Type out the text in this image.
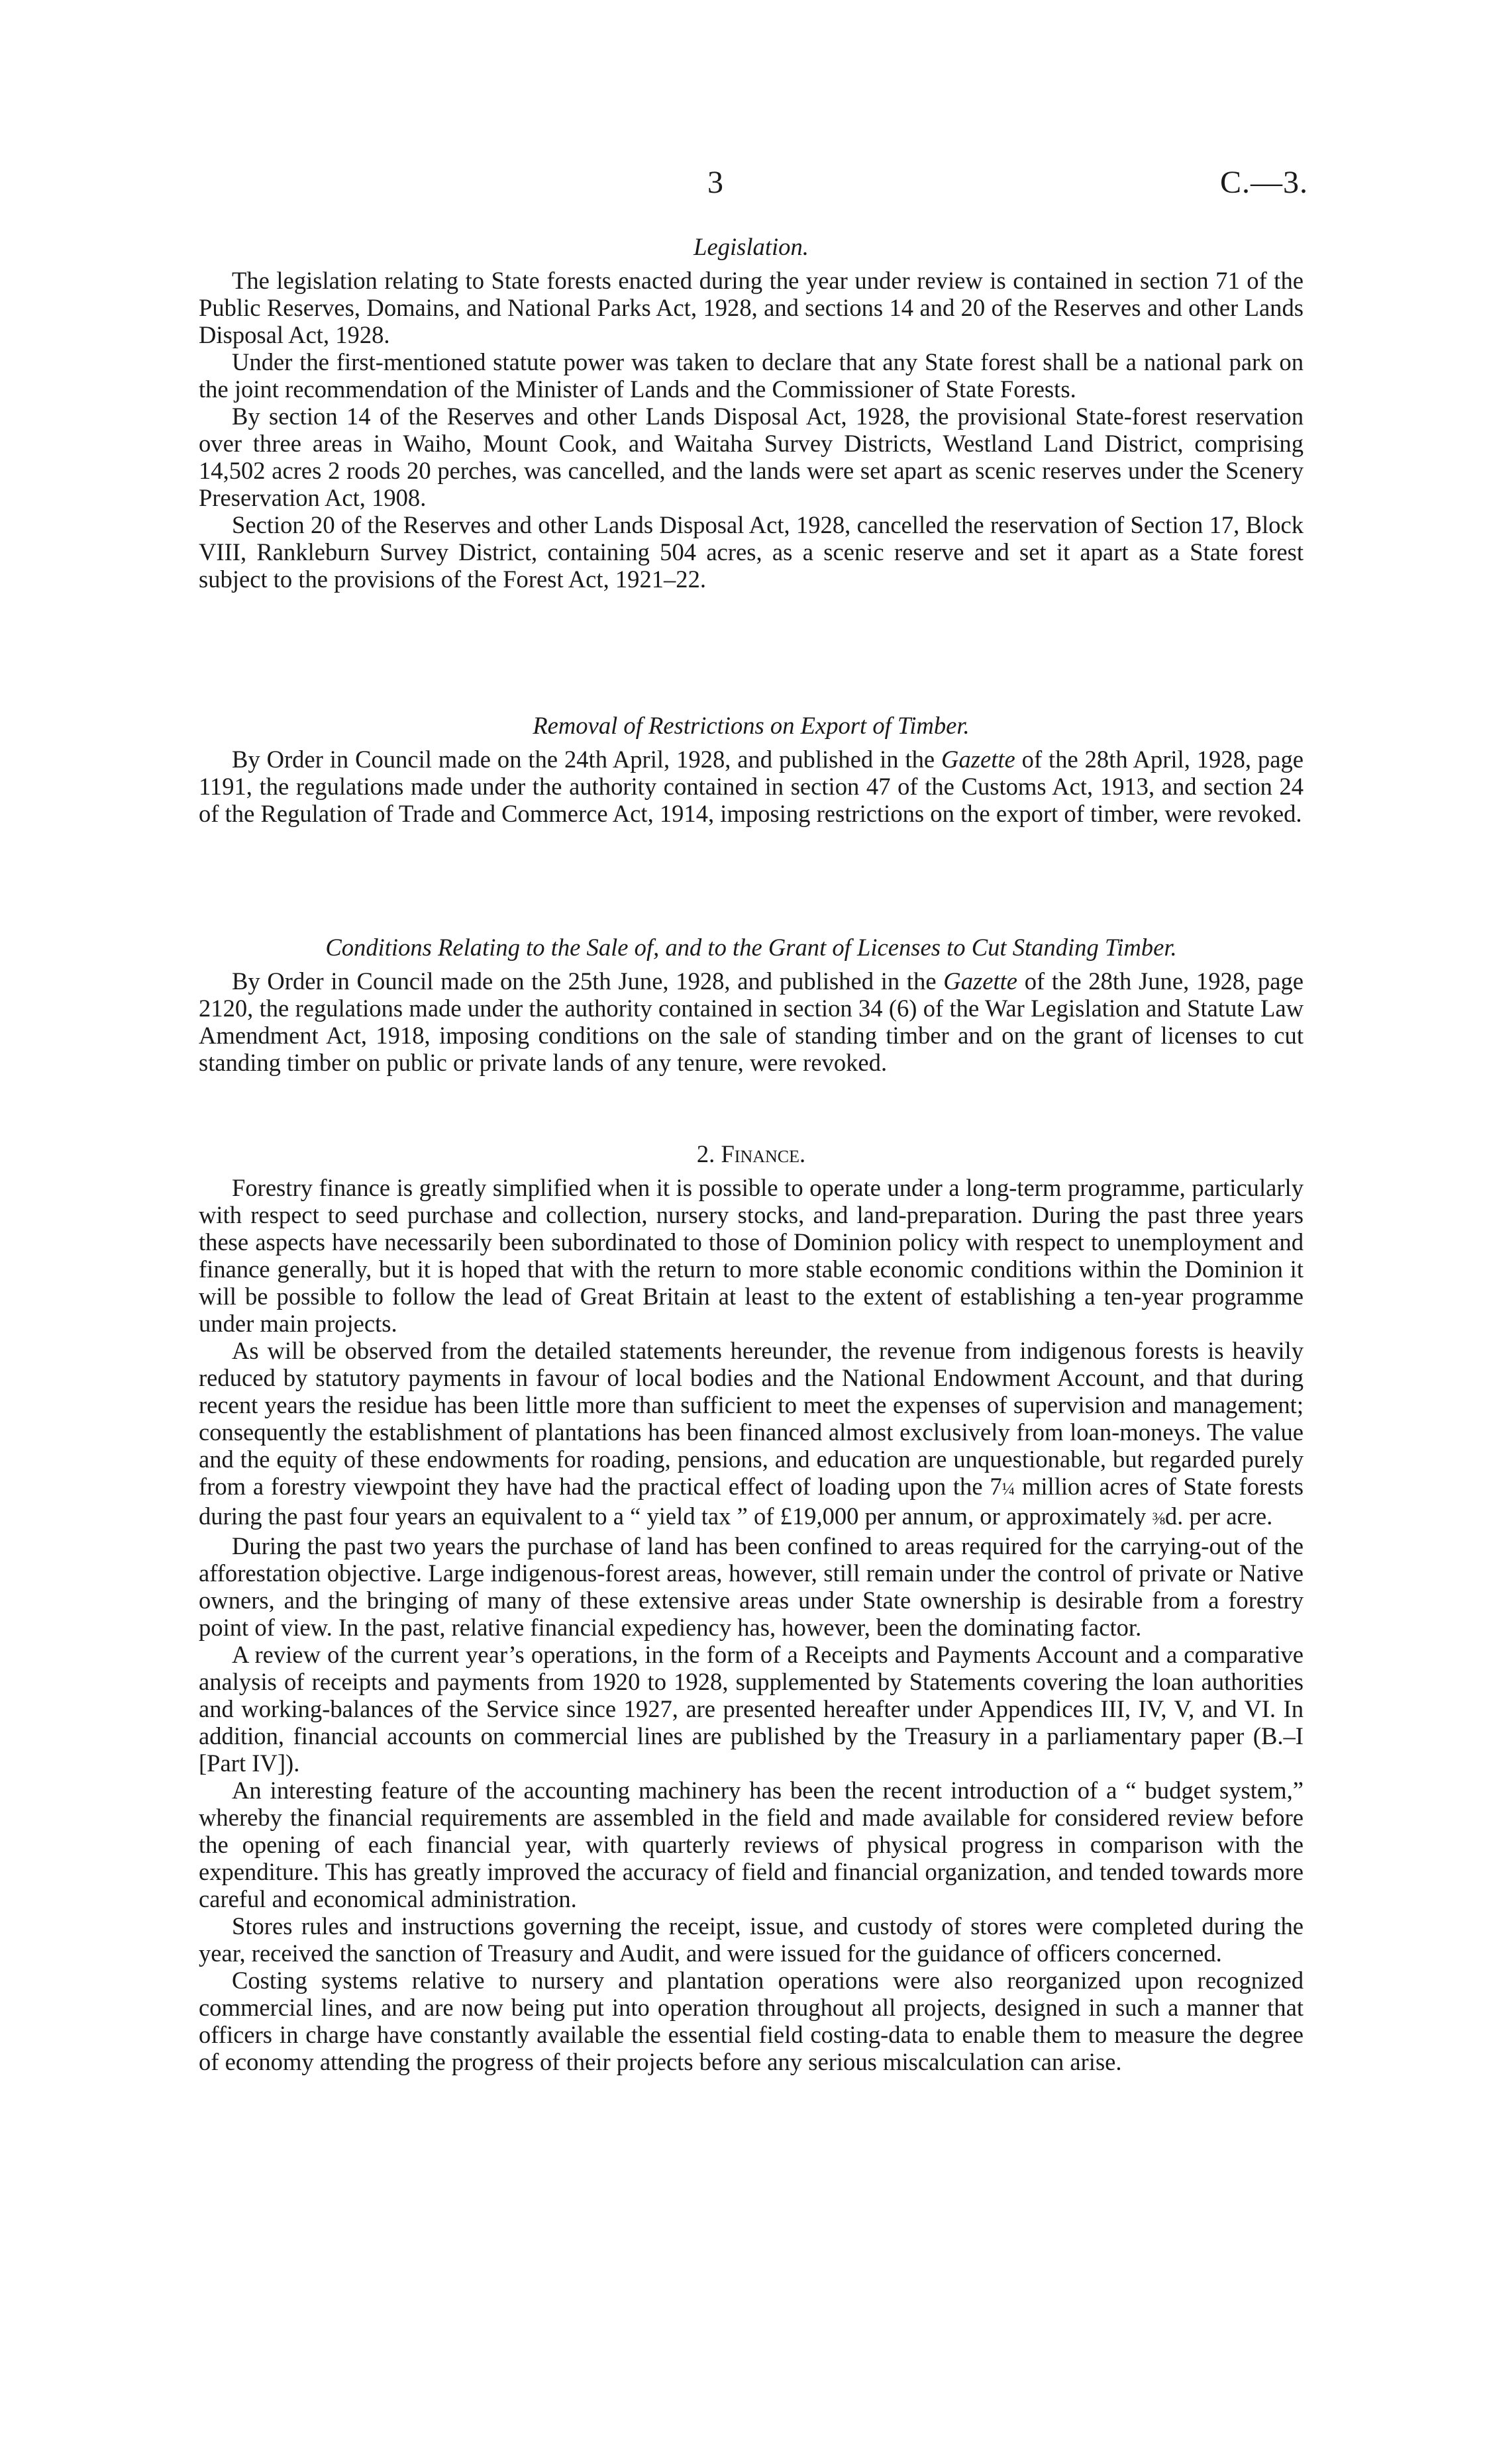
3	C.—3.

Legislation.

The legislation relating to State forests enacted during the year under review is contained in section 71 of the Public Reserves, Domains, and National Parks Act, 1928, and sections 14 and 20 of the Reserves and other Lands Disposal Act, 1928.

Under the first-mentioned statute power was taken to declare that any State forest shall be a national park on the joint recommendation of the Minister of Lands and the Commissioner of State Forests.

By section 14 of the Reserves and other Lands Disposal Act, 1928, the provisional State-forest reservation over three areas in Waiho, Mount Cook, and Waitaha Survey Districts, Westland Land District, comprising 14,502 acres 2 roods 20 perches, was cancelled, and the lands were set apart as scenic reserves under the Scenery Preservation Act, 1908.

Section 20 of the Reserves and other Lands Disposal Act, 1928, cancelled the reservation of Section 17, Block VIII, Rankleburn Survey District, containing 504 acres, as a scenic reserve and set it apart as a State forest subject to the provisions of the Forest Act, 1921–22.

Removal of Restrictions on Export of Timber.

By Order in Council made on the 24th April, 1928, and published in the Gazette of the 28th April, 1928, page 1191, the regulations made under the authority contained in section 47 of the Customs Act, 1913, and section 24 of the Regulation of Trade and Commerce Act, 1914, imposing restrictions on the export of timber, were revoked.

Conditions Relating to the Sale of, and to the Grant of Licenses to Cut Standing Timber.

By Order in Council made on the 25th June, 1928, and published in the Gazette of the 28th June, 1928, page 2120, the regulations made under the authority contained in section 34 (6) of the War Legislation and Statute Law Amendment Act, 1918, imposing conditions on the sale of standing timber and on the grant of licenses to cut standing timber on public or private lands of any tenure, were revoked.

2. Finance.

Forestry finance is greatly simplified when it is possible to operate under a long-term programme, particularly with respect to seed purchase and collection, nursery stocks, and land-preparation. During the past three years these aspects have necessarily been subordinated to those of Dominion policy with respect to unemployment and finance generally, but it is hoped that with the return to more stable economic conditions within the Dominion it will be possible to follow the lead of Great Britain at least to the extent of establishing a ten-year programme under main projects.

As will be observed from the detailed statements hereunder, the revenue from indigenous forests is heavily reduced by statutory payments in favour of local bodies and the National Endowment Account, and that during recent years the residue has been little more than sufficient to meet the expenses of supervision and management; consequently the establishment of plantations has been financed almost exclusively from loan-moneys. The value and the equity of these endowments for roading, pensions, and education are unquestionable, but regarded purely from a forestry viewpoint they have had the practical effect of loading upon the 7¼ million acres of State forests during the past four years an equivalent to a “ yield tax ” of £19,000 per annum, or approximately ⅜d. per acre.

During the past two years the purchase of land has been confined to areas required for the carrying-out of the afforestation objective. Large indigenous-forest areas, however, still remain under the control of private or Native owners, and the bringing of many of these extensive areas under State ownership is desirable from a forestry point of view. In the past, relative financial expediency has, however, been the dominating factor.

A review of the current year’s operations, in the form of a Receipts and Payments Account and a comparative analysis of receipts and payments from 1920 to 1928, supplemented by Statements covering the loan authorities and working-balances of the Service since 1927, are presented hereafter under Appendices III, IV, V, and VI. In addition, financial accounts on commercial lines are published by the Treasury in a parliamentary paper (B.–I [Part IV]).

An interesting feature of the accounting machinery has been the recent introduction of a “ budget system,” whereby the financial requirements are assembled in the field and made available for considered review before the opening of each financial year, with quarterly reviews of physical progress in comparison with the expenditure. This has greatly improved the accuracy of field and financial organization, and tended towards more careful and economical administration.

Stores rules and instructions governing the receipt, issue, and custody of stores were completed during the year, received the sanction of Treasury and Audit, and were issued for the guidance of officers concerned.

Costing systems relative to nursery and plantation operations were also reorganized upon recognized commercial lines, and are now being put into operation throughout all projects, designed in such a manner that officers in charge have constantly available the essential field costing-data to enable them to measure the degree of economy attending the progress of their projects before any serious miscalculation can arise.
